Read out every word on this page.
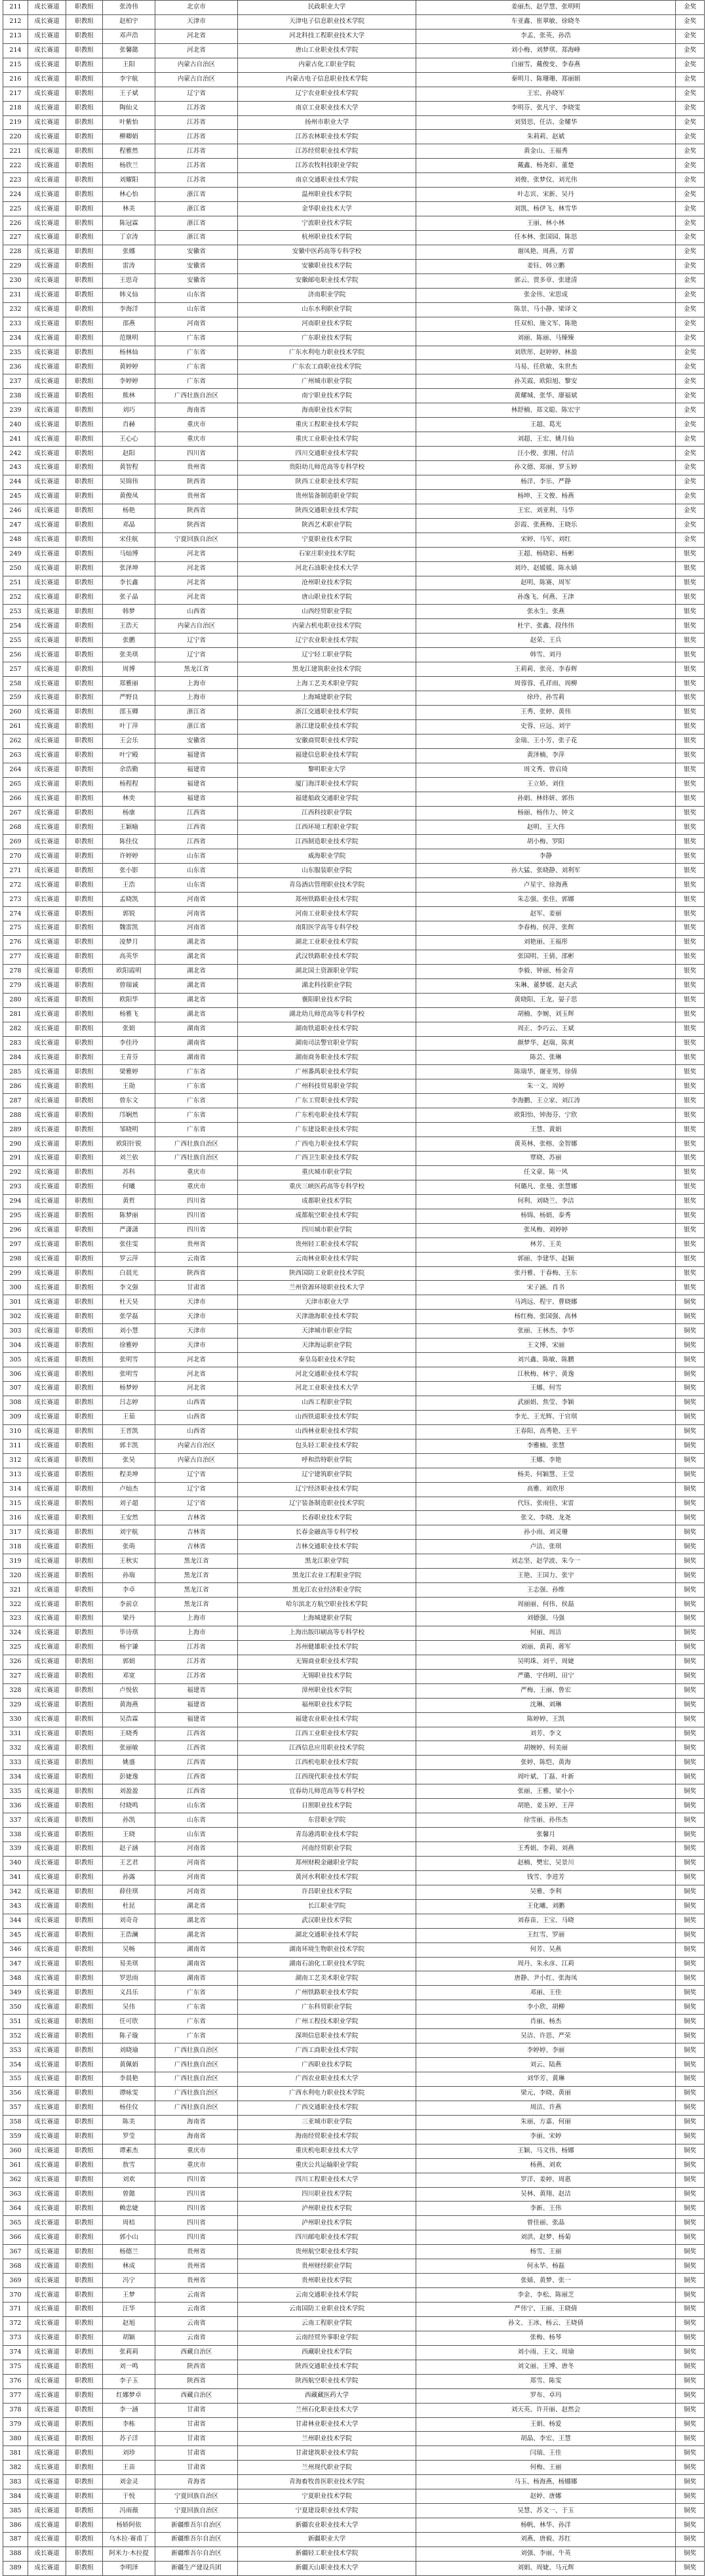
211	成长赛道	职教组	张涛伟	北京市	民政职业大学	姜丽杰、赵学慧、张明明	金奖
212	成长赛道	职教组	赵柏宇	天津市	天津电子信息职业技术学院	车亚鑫、崔翠敏、徐晓冬	金奖
213	成长赛道	职教组	邓声浩	河北省	河北科技工程职业技术大学	李孟、张英、孙浩	金奖
214	成长赛道	职教组	张馨懿	河北省	唐山工业职业技术学院	刘小梅、刘梦琪、郑海峰	金奖
215	成长赛道	职教组	王阳	内蒙古自治区	内蒙古化工职业学院	白丽雪、戴俊变、李春燕	金奖
216	成长赛道	职教组	李宇航	内蒙古自治区	内蒙古电子信息职业技术学院	秦明月、陈珊珊、郑丽娟	金奖
217	成长赛道	职教组	王子斌	辽宁省	辽宁农业职业技术学院	王宏、孙晓军	金奖
218	成长赛道	职教组	陶仙义	江苏省	南京工业职业技术大学	李明芬、张凡宇、李晓雯	金奖
219	成长赛道	职教组	叶紫怡	江苏省	扬州市职业大学	刘贤思、任洁、金耀华	金奖
220	成长赛道	职教组	柳卿娟	江苏省	江苏农林职业技术学院	朱莉莉、赵斌	金奖
221	成长赛道	职教组	程雅然	江苏省	江苏经贸职业技术学院	黄金山、王福秀	金奖
222	成长赛道	职教组	杨欣兰	江苏省	江苏农牧科技职业学院	戴鑫、杨尧彩、董楚	金奖
223	成长赛道	职教组	刘耀阳	江苏省	南京交通职业技术学院	刘俊、张梦仪、刘光伟	金奖
224	成长赛道	职教组	林心怡	浙江省	温州职业技术学院	叶志宾、宋新、吴丹	金奖
225	成长赛道	职教组	林美	浙江省	金华职业技术大学	刘凯、杨伊飞、林雪华	金奖
226	成长赛道	职教组	陈冠霖	浙江省	宁波职业技术学院	王丽、林小林	金奖
227	成长赛道	职教组	丁京涛	浙江省	杭州职业技术学院	任本林、张国园、陈思	金奖
228	成长赛道	职教组	张娜	安徽省	安徽中医药高等专科学校	谢凤艳、周燕、方蕾	金奖
229	成长赛道	职教组	雷涛	安徽省	安徽职业技术学院	姜钰、韩立鹏	金奖
230	成长赛道	职教组	王思奇	安徽省	安徽邮电职业技术学院	郭云、贾多章、张建清	金奖
231	成长赛道	职教组	韩义仙	山东省	济南职业学院	张金伟、宋思成	金奖
232	成长赛道	职教组	李海洋	山东省	山东水利职业学院	陈景、马小静、梁译文	金奖
233	成长赛道	职教组	邵燕	河南省	河南职业技术学院	任双柏、施文军、陈艳	金奖
234	成长赛道	职教组	范继明	广东省	广东职业技术学院	刘丽、陈丽、马臻臻	金奖
235	成长赛道	职教组	杨林仙	广东省	广东水利电力职业技术学院	刘欣彤、赵婷婷、林盈	金奖
236	成长赛道	职教组	黄婷婷	广东省	广东农工商职业技术学院	马易、任欣敏、朱世杰	金奖
237	成长赛道	职教组	李婷婷	广东省	广州城市职业学院	孙芙霞、欧阳旭、黎安	金奖
238	成长赛道	职教组	熊林	广西壮族自治区	南宁职业技术学院	黄耀城、张华、廖福斌	金奖
239	成长赛道	职教组	刘巧	海南省	海南职业技术学院	林舒楠、郑文聪、陈宏宇	金奖
240	成长赛道	职教组	肖赫	重庆市	重庆工程职业技术学院	王超、葛光	金奖
241	成长赛道	职教组	王心心	重庆市	重庆工业职业技术学院	刘超、王宏、姚月仙	金奖
242	成长赛道	职教组	赵阳	四川省	四川交通职业技术学院	汪小俊、张刚、付洁	金奖
243	成长赛道	职教组	黄智程	贵州省	贵阳幼儿师范高等专科学校	孙文德、郑丽、罗玉婷	金奖
244	成长赛道	职教组	吴锦伟	陕西省	陕西工业职业技术学院	杨洋、李乐、严静	金奖
245	成长赛道	职教组	黄俊凤	贵州省	贵州装备制造职业学院	杨坤、王文俊、杨燕	金奖
246	成长赛道	职教组	杨艳	陕西省	陕西交通职业技术学院	王宏、刘亚利、马华	金奖
247	成长赛道	职教组	邓晶	陕西省	陕西艺术职业学院	彭霞、张燕梅、王晓乐	金奖
248	成长赛道	职教组	宋佳航	宁夏回族自治区	宁夏职业技术学院	宋婷、马军、刘红	金奖
249	成长赛道	职教组	马灿博	河北省	石家庄职业技术学院	王超、杨晓彩、杨彬	银奖
250	成长赛道	职教组	张泽坤	河北省	河北石油职业技术大学	刘玲、赵媛媛、陈永婧	银奖
251	成长赛道	职教组	李长鑫	河北省	沧州职业技术学院	赵明、陈赛、周军	银奖
252	成长赛道	职教组	张子晶	河北省	唐山职业技术学院	孙逸飞、何燕、王津	银奖
253	成长赛道	职教组	韩梦	山西省	山西经贸职业学院	张永生、张燕	银奖
254	成长赛道	职教组	王浩天	内蒙古自治区	内蒙古机电职业技术学院	杜宇、张鑫、段伟伟	银奖
255	成长赛道	职教组	张鹏	辽宁省	辽宁农业职业技术学院	赵荣、王兵	银奖
256	成长赛道	职教组	张美琪	辽宁省	辽宁轻工职业学院	韩雪、刘丹	银奖
257	成长赛道	职教组	周博	黑龙江省	黑龙江建筑职业技术学院	王莉莉、张亮、李春辉	银奖
258	成长赛道	职教组	郑雅丽	上海市	上海工艺美术职业学院	周蓉蓉、孔祥雨、周柳	银奖
259	成长赛道	职教组	严野良	上海市	上海城建职业学院	徐玲、孙雪莉	银奖
260	成长赛道	职教组	邵玉卿	浙江省	浙江交通职业技术学院	王秀、张婷、黄伟	银奖
261	成长赛道	职教组	叶丁萍	浙江省	浙江建设职业技术学院	史蓉、应远、刘宇	银奖
262	成长赛道	职教组	王会乐	安徽省	安徽商贸职业技术学院	金瑞、王小芳、张子花	银奖
263	成长赛道	职教组	叶宁殿	福建省	福建信息职业技术学院	黄泽楠、李萍	银奖
264	成长赛道	职教组	余浩勤	福建省	黎明职业大学	周文秀、曾启琦	银奖
265	成长赛道	职教组	杨程程	福建省	厦门海洋职业技术学院	王立娇、刘佳	银奖
266	成长赛道	职教组	林奕	福建省	福建船政交通职业学院	孙娟、林炜妍、郭伟	银奖
267	成长赛道	职教组	杨康	江西省	江西科技职业学院	杨丽、杨伟力、钟文	银奖
268	成长赛道	职教组	王颖喻	江西省	江西环境工程职业学院	赵明、王大伟	银奖
269	成长赛道	职教组	陈佳仪	江西省	江西制造职业技术学院	胡小梅、罗阳	银奖
270	成长赛道	职教组	许婷婷	山东省	威海职业学院	李静	银奖
271	成长赛道	职教组	张小影	山东省	山东服装职业学院	孙大猛、张晓静、刘利军	银奖
272	成长赛道	职教组	王浩	山东省	青岛酒店管理职业技术学院	卢星宇、徐海燕	银奖
273	成长赛道	职教组	孟晓凯	河南省	郑州铁路职业技术学院	朱志强、张佳、郭娜	银奖
274	成长赛道	职教组	郭锐	河南省	河南工业职业技术学院	赵军、姜丽	银奖
275	成长赛道	职教组	魏雷凯	河南省	南阳医学高等专科学校	李春梅、侯萍、张辉	银奖
276	成长赛道	职教组	凌梦月	湖北省	湖北工业职业技术学院	刘艳丽、王福彤	银奖
277	成长赛道	职教组	高英华	湖北省	武汉铁路职业技术学院	张国明、王倩、邵彬	银奖
278	成长赛道	职教组	欧阳霞明	湖北省	湖北国土资源职业学院	李毅、钟丽、杨金青	银奖
279	成长赛道	职教组	曾瑞诚	湖北省	湖北科技职业学院	朱琳、董梦媛、赵夫武	银奖
280	成长赛道	职教组	欧阳华	湖北省	襄阳职业技术学院	黄晓阳、王龙、晏子思	银奖
281	成长赛道	职教组	杨雅飞	湖北省	湖北幼儿师范高等专科学校	胡楠、李婉、刘玉辉	银奖
282	成长赛道	职教组	张娟	湖南省	湖南铁道职业技术学院	周正、李巧云、王斌	银奖
283	成长赛道	职教组	李佳玲	湖南省	湖南司法警官职业学院	颜梦华、赵瑞、陈爽	银奖
284	成长赛道	职教组	王青芬	湖南省	湖南商务职业技术学院	陈芸、张琳	银奖
285	成长赛道	职教组	梁雅婷	广东省	广州番禺职业技术学院	陈瑞华、谢亚男、徐倩	银奖
286	成长赛道	职教组	王勋	广东省	广州科技贸易职业学院	朱一文、周婷	银奖
287	成长赛道	职教组	曾东文	广东省	广东工贸职业技术学院	李海鹏、王立家、刘江涛	银奖
288	成长赛道	职教组	邝娴然	广东省	广东机电职业技术学院	欧阳怡、钟海芬、宁欣	银奖
289	成长赛道	职教组	邹晓明	广东省	广东建设职业技术学院	王慧、黄娟	银奖
290	成长赛道	职教组	欧阳针锐	广西壮族自治区	广西电力职业技术学院	黄英林、张榕、金智娜	银奖
291	成长赛道	职教组	刘兰依	广西壮族自治区	广西卫生职业技术学院	覃晓、苏丽	银奖
292	成长赛道	职教组	苏科	重庆市	重庆城市职业学院	任文豪、陈一风	银奖
293	成长赛道	职教组	何曦	重庆市	重庆三峡医药高等专科学校	何璐凡、张曼、张慧娜	银奖
294	成长赛道	职教组	黄哲	四川省	成都职业技术学院	何利、刘晓兰、李洁	银奖
295	成长赛道	职教组	陈梦丽	四川省	成都航空职业技术学院	杨锦、杨娟、泰秀	银奖
296	成长赛道	职教组	严潇潇	四川省	四川城市职业学院	张凤梅、刘婷婷	银奖
297	成长赛道	职教组	张佳雯	贵州省	贵州轻工职业技术学院	林芳、王美	银奖
298	成长赛道	职教组	罗云萍	云南省	云南林业职业技术学院	郭丽、李建华、赵颖	银奖
299	成长赛道	职教组	白晨光	陕西省	陕西国防工业职业技术学院	张丹雅、于春梅、王东	银奖
300	成长赛道	职教组	李文强	甘肃省	兰州资源环境职业技术大学	宋子涵、肖书	银奖
301	成长赛道	职教组	杜天昊	天津市	天津市职业大学	马鸿远、程宇、曹晓娜	铜奖
302	成长赛道	职教组	张学磊	天津市	天津渤海职业技术学院	杨红梅、张国强、高林	铜奖
303	成长赛道	职教组	刘小慧	天津市	天津城市职业学院	张丽、王林杰、李华	铜奖
304	成长赛道	职教组	徐雅婷	天津市	天津海运职业学院	王文博、宋丽	铜奖
305	成长赛道	职教组	张明雪	河北省	秦皇岛职业技术学院	刘兴鑫、陈敏、陈鹏	铜奖
306	成长赛道	职教组	张明雪	河北省	河北交通职业技术学院	江秋梅、林宇、黄逸	铜奖
307	成长赛道	职教组	杨梦婷	河北省	河北工业职业技术大学	王娜、何雪	铜奖
308	成长赛道	职教组	吕志婷	山西省	山西工程职业学院	武丽娟、焦莹、李颖	铜奖
309	成长赛道	职教组	王茹	山西省	山西铁道职业技术学院	李光、王光辉、于官琪	铜奖
310	成长赛道	职教组	王晋凯	山西省	山西林业职业技术学院	王春阳、高秀艳、王平	铜奖
311	成长赛道	职教组	郭丰凯	内蒙古自治区	包头轻工职业技术学院	李雅楠、张慧	铜奖
312	成长赛道	职教组	张昊	内蒙古自治区	呼和浩特职业学院	王娜、李艳	铜奖
313	成长赛道	职教组	程美坤	辽宁省	辽宁建筑职业学院	杨美、何颖慧、王莹	铜奖
314	成长赛道	职教组	卢灿杰	辽宁省	辽宁经济职业技术学院	高雅、刘欣彤	铜奖
315	成长赛道	职教组	刘子超	辽宁省	辽宁装备制造职业技术学院	代钰、张雨佳、宋雷	铜奖
316	成长赛道	职教组	王安然	吉林省	长春职业技术学院	张文、李晓、龙尧	铜奖
317	成长赛道	职教组	刘宇航	吉林省	长春金融高等专科学校	孙小雨、刘灵珊	铜奖
318	成长赛道	职教组	张萌	吉林省	吉林交通职业技术学院	卢洁、张琪	铜奖
319	成长赛道	职教组	王秋实	黑龙江省	黑龙江职业学院	刘志坚、赵学波、朱今一	铜奖
320	成长赛道	职教组	孙瑞	黑龙江省	黑龙江农业工程职业学院	王艳、王国力、张宇	铜奖
321	成长赛道	职教组	李卓	黑龙江省	黑龙江农业经济职业学院	王志强、孙维	铜奖
322	成长赛道	职教组	李前京	黑龙江省	哈尔滨北方航空职业技术学院	周丽丽、何伟、侯磊	铜奖
323	成长赛道	职教组	梁丹	上海市	上海城建职业学院	刘德强、马强	铜奖
324	成长赛道	职教组	毕诗琪	上海市	上海出版印刷高等专科学校	何丽、周洁	铜奖
325	成长赛道	职教组	杨宇谦	江苏省	苏州健雄职业技术学院	刘丽、黄莉、蒋军	铜奖
326	成长赛道	职教组	郭娟	江苏省	无锡商业职业技术学院	吴明珠、刘平、周婕	铜奖
327	成长赛道	职教组	邓宽	江苏省	无锡职业技术学院	严璐、宇伟明、田宁	铜奖
328	成长赛道	职教组	卢悦依	福建省	漳州职业技术学院	严梅、王丽、鲁宏	铜奖
329	成长赛道	职教组	黄海燕	福建省	福州职业技术学院	沈琳、刘琳	铜奖
330	成长赛道	职教组	吴浩霖	福建省	福建农业职业技术学院	陈婷婷、王凯	铜奖
331	成长赛道	职教组	王晓秀	江西省	江西工业职业技术学院	刘芳、李文	铜奖
332	成长赛道	职教组	张丽敏	江西省	江西信息应用职业技术学院	胡婉婷、何美丽	铜奖
333	成长赛道	职教组	姚盛	江西省	江西机电职业技术学院	张婷、陈恺、黄海	铜奖
334	成长赛道	职教组	彭婕逸	江西省	江西现代职业技术学院	周叶斌、丁磊、叶新	铜奖
335	成长赛道	职教组	刘盈盈	江西省	宜春幼儿师范高等专科学校	张丽、王雅、梁小小	铜奖
336	成长赛道	职教组	付晓鸣	山东省	日照职业技术学院	胡艳、姜玉婷、王萍	铜奖
337	成长赛道	职教组	孙凯	山东省	东营职业学院	徐雪丽、孙伟杰	铜奖
338	成长赛道	职教组	王晓	山东省	青岛港湾职业技术学院	张馨月	铜奖
339	成长赛道	职教组	赵子涵	河南省	河南经贸职业学院	王秀娟、李莉、刘燕	铜奖
340	成长赛道	职教组	王艺君	河南省	郑州财税金融职业学院	赵楠、樊宏、吴景川	铜奖
341	成长赛道	职教组	孙露	河南省	黄河水利职业技术学院	钱雪、李进芳	铜奖
342	成长赛道	职教组	薛佳琪	河南省	许昌职业技术学院	吴雅、李利	铜奖
343	成长赛道	职教组	杜昆	湖北省	长江职业学院	王化曦、刘鹏	铜奖
344	成长赛道	职教组	刘奇奇	湖北省	武汉职业技术学院	刘春苗、王宝、马晓	铜奖
345	成长赛道	职教组	王浩澜	湖北省	湖北交通职业技术学院	王红雪、罗丽	铜奖
346	成长赛道	职教组	吴畅	湖南省	湖南环境生物职业技术学院	何芳、吴燕	铜奖
347	成长赛道	职教组	易美琪	湖南省	湖南石油化工职业技术学院	周丹、朱永彦、江莉	铜奖
348	成长赛道	职教组	罗思雨	湖南省	湖南工艺美术职业学院	唐静、尹小红、张海凤	铜奖
349	成长赛道	职教组	义昌乐	广东省	广州铁路职业技术学院	邓丽、王佳	铜奖
350	成长赛道	职教组	吴伟	广东省	广东科贸职业学院	李小欣、胡柳	铜奖
351	成长赛道	职教组	任可欣	广东省	广州工程技术职业学院	肖丽、杨杰	铜奖
352	成长赛道	职教组	陈子璇	广东省	深圳信息职业技术学院	吴洁、许思、严荣	铜奖
353	成长赛道	职教组	刘晓瑜	广西壮族自治区	广西工商职业技术学院	李婷婷、李丽	铜奖
354	成长赛道	职教组	黄佩娟	广西壮族自治区	广西职业技术学院	刘云、陆燕	铜奖
355	成长赛道	职教组	李晨艳	广西壮族自治区	广西农业职业技术大学	刘华芳、黄琳	铜奖
356	成长赛道	职教组	谭咏雯	广西壮族自治区	广西水利电力职业技术学院	梁元、李晓、黄丽	铜奖
357	成长赛道	职教组	杨佳仪	广西壮族自治区	广西交通职业技术学院	周洁、许燕	铜奖
358	成长赛道	职教组	陈美	海南省	三亚城市职业学院	朱丽、方嘉、何丽	铜奖
359	成长赛道	职教组	罗莹	海南省	海南经贸职业技术学院	李丽、宋婷	铜奖
360	成长赛道	职教组	谭素杰	重庆市	重庆机电职业技术大学	王颖、马文伟、杨娜	铜奖
361	成长赛道	职教组	敖雪	重庆市	重庆公共运输职业学院	杨燕、刘欢	铜奖
362	成长赛道	职教组	刘欢	四川省	四川工程职业技术大学	罗洋、姜婷、周惠	铜奖
363	成长赛道	职教组	曾懿	四川省	四川职业技术学院	吴林、黄翔、赵洁	铜奖
364	成长赛道	职教组	赖忠婕	四川省	泸州职业技术学院	李新、王伟	铜奖
365	成长赛道	职教组	周桔	四川省	泸州职业技术学院	曾佳丽、张晶	铜奖
366	成长赛道	职教组	郭小山	四川省	四川邮电职业技术学院	刘洪、赵梦、杨菊	铜奖
367	成长赛道	职教组	杨德兰	贵州省	贵州航空职业技术学院	杨雪、王丽	铜奖
368	成长赛道	职教组	林成	贵州省	贵州财经职业学院	何永华、杨磊	铜奖
369	成长赛道	职教组	冯宁	贵州省	贵州职业技术学院	张婧、黄梦、张一	铜奖
370	成长赛道	职教组	王梦	云南省	云南交通职业技术学院	李金、李松、陈丽芝	铜奖
371	成长赛道	职教组	汪华	云南省	云南国防工业职业技术学院	严伟宁、王丽、王晓倩	铜奖
372	成长赛道	职教组	赵旭	云南省	云南工程职业学院	孙文、王冰、杨云、王晓倩	铜奖
373	成长赛道	职教组	胡颖	云南省	云南经贸外事职业学院	张梅、杨琴	铜奖
374	成长赛道	职教组	张莉莉	西藏自治区	西藏职业技术学院	刘小雨、王文、周瑜	铜奖
375	成长赛道	职教组	刘一鸣	陕西省	陕西交通职业技术学院	刘文丽、王博、唐冬	铜奖
376	成长赛道	职教组	李子玉	陕西省	陕西航空职业技术学院	郑雪、陈雯	铜奖
377	成长赛道	职教组	红娜梦卓	西藏自治区	西藏藏医药大学	罗布、卓玛	铜奖
378	成长赛道	职教组	李一涵	甘肃省	兰州石化职业技术大学	刘天英、许开丽、赵然会	铜奖
379	成长赛道	职教组	李栋	甘肃省	甘肃林业职业技术大学	王娟、杨爱	铜奖
380	成长赛道	职教组	苏子洋	甘肃省	兰州职业技术学院	胡晶、李宏、王慧	铜奖
381	成长赛道	职教组	刘珍	甘肃省	甘肃建筑职业技术学院	闫瑞、王佳	铜奖
382	成长赛道	职教组	王苗	甘肃省	兰州现代职业学院	何梅、王丽	铜奖
383	成长赛道	职教组	刘金灵	青海省	青海畜牧兽医职业技术学院	马玉、杨海燕、杨娜娜	铜奖
384	成长赛道	职教组	于悦	宁夏回族自治区	宁夏职业技术学院	赵婷、唐娜	铜奖
385	成长赛道	职教组	冯雨薇	宁夏回族自治区	宁夏建设职业技术学院	吴慧、苏文一、于玉	铜奖
386	成长赛道	职教组	杨娇阿依	新疆维吾尔自治区	新疆农业职业技术大学	杨帆、林华、孙洋	铜奖
387	成长赛道	职教组	乌木拉·赛甫丁	新疆维吾尔自治区	新疆职业大学	刘燕、唐毅、苏红	铜奖
388	成长赛道	职教组	阿米力·木拉提	新疆维吾尔自治区	新疆轻工职业技术学院	刘强、李丽、牛英	铜奖
389	成长赛道	职教组	李明泽	新疆生产建设兵团	新疆天山职业技术大学	刘娟、周婕、马元辉	铜奖
